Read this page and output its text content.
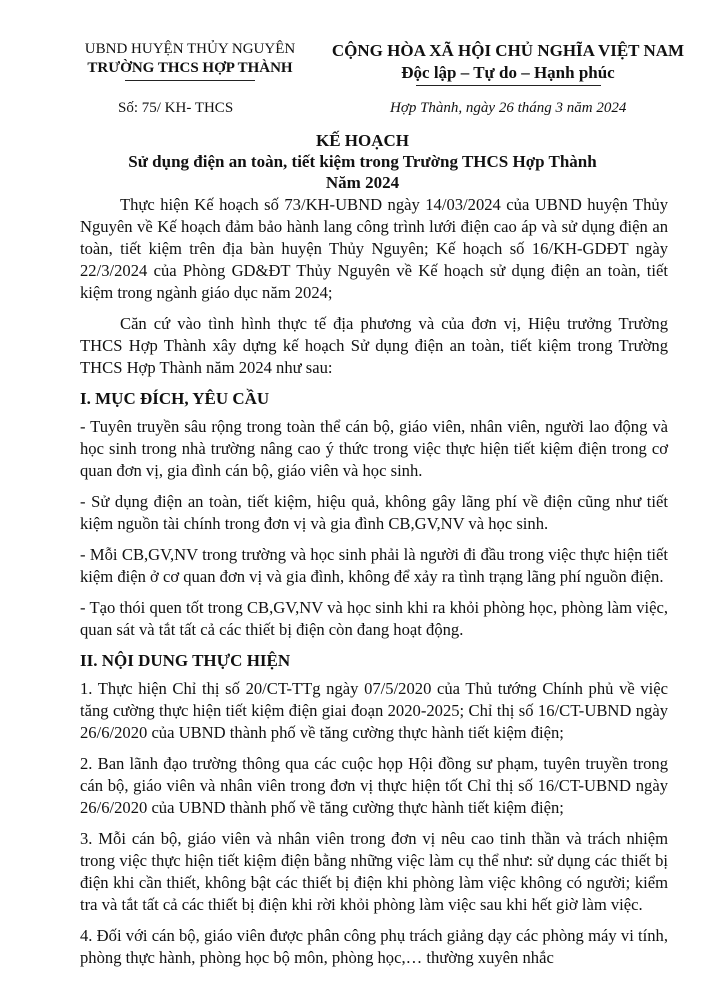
UBND HUYỆN THỦY NGUYÊN
TRƯỜNG THCS HỢP THÀNH
CỘNG HÒA XÃ HỘI CHỦ NGHĨA VIỆT NAM
Độc lập – Tự do – Hạnh phúc
Số: 75/ KH- THCS	Hợp Thành, ngày 26 tháng 3 năm 2024
KẾ HOẠCH
Sử dụng điện an toàn, tiết kiệm trong Trường THCS Hợp Thành
Năm 2024

Thực hiện Kế hoạch số 73/KH-UBND ngày 14/03/2024 của UBND huyện Thủy Nguyên về Kế hoạch đảm bảo hành lang công trình lưới điện cao áp và sử dụng điện an toàn, tiết kiệm trên địa bàn huyện Thủy Nguyên; Kế hoạch số 16/KH-GDĐT ngày 22/3/2024 của Phòng GD&ĐT Thủy Nguyên về Kế hoạch sử dụng điện an toàn, tiết kiệm trong ngành giáo dục năm 2024;

Căn cứ vào tình hình thực tế địa phương và của đơn vị, Hiệu trưởng Trường THCS Hợp Thành xây dựng kế hoạch Sử dụng điện an toàn, tiết kiệm trong Trường THCS Hợp Thành năm 2024 như sau:

I. MỤC ĐÍCH, YÊU CẦU

- Tuyên truyền sâu rộng trong toàn thể cán bộ, giáo viên, nhân viên, người lao động và học sinh trong nhà trường nâng cao ý thức trong việc thực hiện tiết kiệm điện trong cơ quan đơn vị, gia đình cán bộ, giáo viên và học sinh.

- Sử dụng điện an toàn, tiết kiệm, hiệu quả, không gây lãng phí về điện cũng như tiết kiệm nguồn tài chính trong đơn vị và gia đình CB,GV,NV và học sinh.

- Mỗi CB,GV,NV trong trường và học sinh phải là người đi đầu trong việc thực hiện tiết kiệm điện ở cơ quan đơn vị và gia đình, không để xảy ra tình trạng lãng phí nguồn điện.

- Tạo thói quen tốt trong CB,GV,NV và học sinh khi ra khỏi phòng học, phòng làm việc, quan sát và tắt tất cả các thiết bị điện còn đang hoạt động.

II. NỘI DUNG THỰC HIỆN

1. Thực hiện Chỉ thị số 20/CT-TTg ngày 07/5/2020 của Thủ tướng Chính phủ về việc tăng cường thực hiện tiết kiệm điện giai đoạn 2020-2025; Chỉ thị số 16/CT-UBND ngày 26/6/2020 của UBND thành phố về tăng cường thực hành tiết kiệm điện;

2. Ban lãnh đạo trường thông qua các cuộc họp Hội đồng sư phạm, tuyên truyền trong cán bộ, giáo viên và nhân viên trong đơn vị thực hiện tốt Chỉ thị số 16/CT-UBND ngày 26/6/2020 của UBND thành phố về tăng cường thực hành tiết kiệm điện;

3. Mỗi cán bộ, giáo viên và nhân viên trong đơn vị nêu cao tinh thần và trách nhiệm trong việc thực hiện tiết kiệm điện bằng những việc làm cụ thể như: sử dụng các thiết bị điện khi cần thiết, không bật các thiết bị điện khi phòng làm việc không có người; kiểm tra và tắt tất cả các thiết bị điện khi rời khỏi phòng làm việc sau khi hết giờ làm việc.

4. Đối với cán bộ, giáo viên được phân công phụ trách giảng dạy các phòng máy vi tính, phòng thực hành, phòng học bộ môn, phòng học,… thường xuyên nhắc
